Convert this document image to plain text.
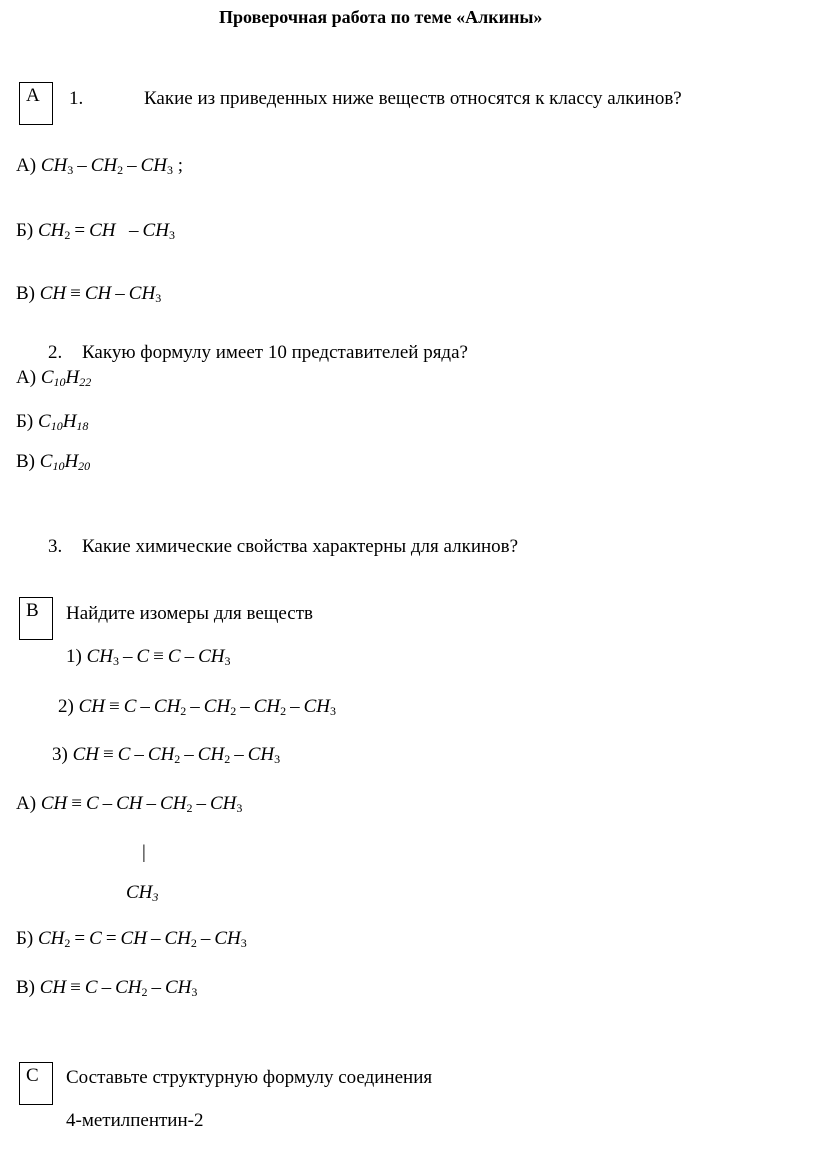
Проверочная работа по теме «Алкины»
А	1.	Какие из приведенных ниже веществ относятся к классу алкинов?
А) $CH_3 - CH_2 - CH_3$ ;
Б) $CH_2$ = CH  – $CH_3$
В) CH ≡ CH – $CH_3$
2. Какую формулу имеет 10 представителей ряда?
А) $C_{10}H_{22}$
Б) $C_{10}H_{18}$
В) $C_{10}H_{20}$
3. Какие химические свойства характерны для алкинов?
В	Найдите изомеры для веществ
1) $CH_3 - C \equiv C - CH_3$
2) CH ≡ C – $CH_2 - CH_2 - CH_2 - CH_3$
3) CH ≡ C – $CH_2 - CH_2 - CH_3$
А) CH ≡ C – CH – $CH_2 - CH_3$
|
$CH_3$
Б) $CH_2 = C$ = CH – $CH_2 - CH_3$
В) CH ≡ C – $CH_2 - CH_3$
С	Составьте структурную формулу соединения
4-метилпентин-2
